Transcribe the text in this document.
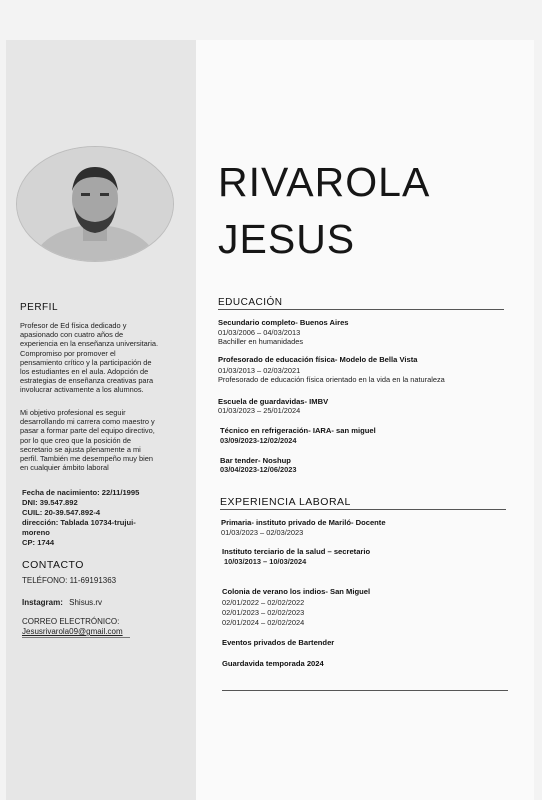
PERFIL
Profesor de Ed física dedicado y
apasionado con cuatro años de
experiencia en la enseñanza universitaria.
Compromiso por promover el
pensamiento crítico y la participación de
los estudiantes en el aula. Adopción de
estrategias de enseñanza creativas para
involucrar activamente a los alumnos.
Mi objetivo profesional es seguir
desarrollando mi carrera como maestro y
pasar a formar parte del equipo directivo,
por lo que creo que la posición de
secretario se ajusta plenamente a mi
perfil. También me desempeño muy bien
en cualquier ámbito laboral
Fecha de nacimiento: 22/11/1995
DNI: 39.547.892
CUIL: 20-39.547.892-4
dirección: Tablada 10734-trujui-
moreno
CP: 1744
CONTACTO
TELÉFONO: 11-69191363
Instagram: Shisus.rv
CORREO ELECTRÓNICO:
Jesusrivarola09@gmail.com
RIVAROLA
JESUS
EDUCACIÓN
Secundario completo- Buenos Aires
01/03/2006 – 04/03/2013
Bachiller en humanidades
Profesorado de educación física- Modelo de Bella Vista
01/03/2013 – 02/03/2021
Profesorado de educación física orientado en la vida en la naturaleza
Escuela de guardavidas- IMBV
01/03/2023 – 25/01/2024
Técnico en refrigeración- IARA- san miguel
03/09/2023-12/02/2024
Bar tender- Noshup
03/04/2023-12/06/2023
EXPERIENCIA LABORAL
Primaria- instituto privado de Mariló- Docente
01/03/2023 – 02/03/2023
Instituto terciario de la salud – secretario
10/03/2013 – 10/03/2024
Colonia de verano los indios- San Miguel
02/01/2022 – 02/02/2022
02/01/2023 – 02/02/2023
02/01/2024 – 02/02/2024
Eventos privados de Bartender
Guardavida temporada 2024
